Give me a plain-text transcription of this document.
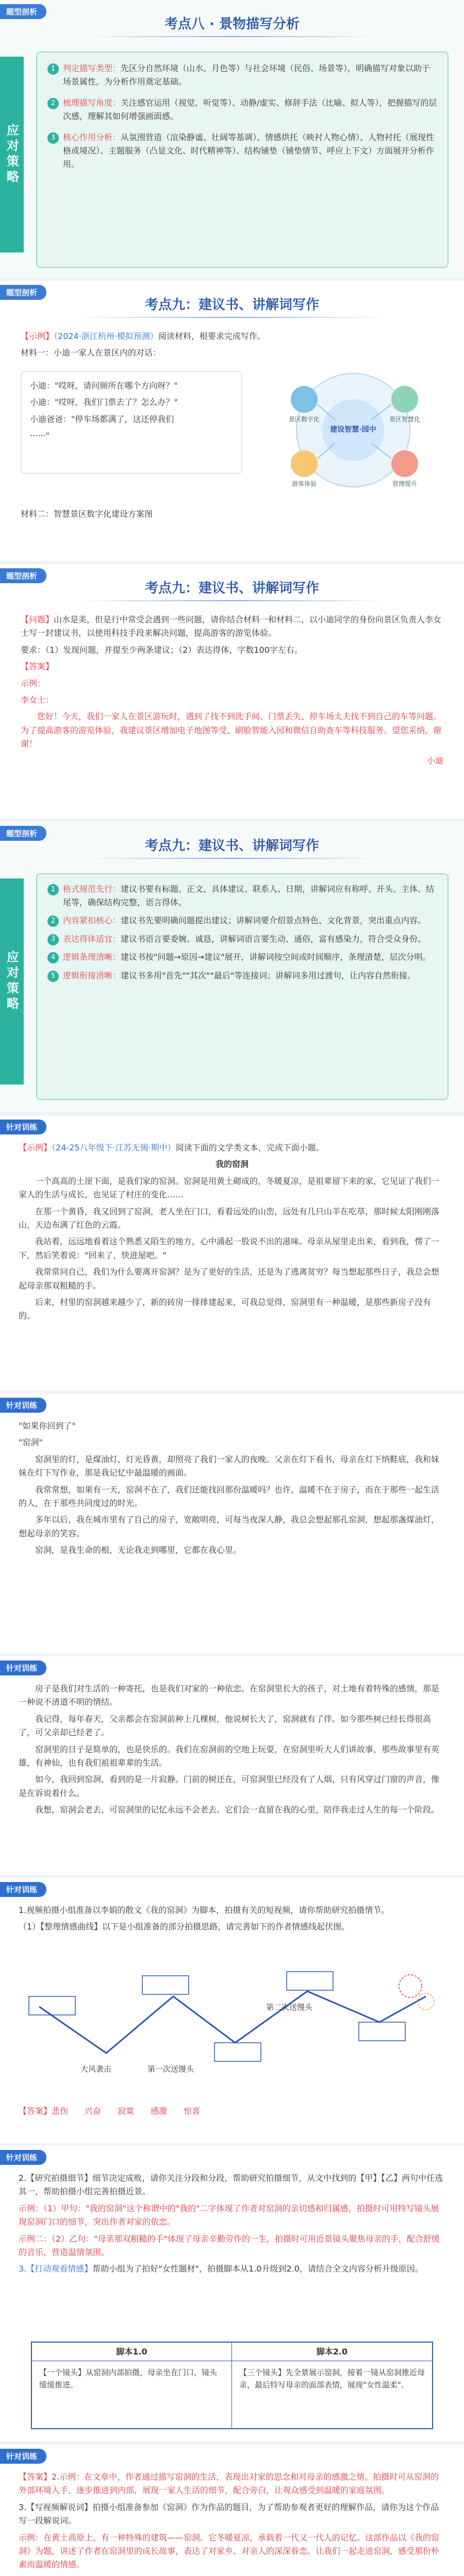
题型剖析
考点八 · 景物描写分析
应对策略
1 判定描写类型：先区分自然环境（山水、月色等）与社会环境（民俗、场景等），明确描写对象以助于场景属性，为分析作用奠定基础。
2 梳理描写角度：关注感官运用（视觉、听觉等）、动静/虚实、修辞手法（比喻、拟人等），把握描写的层次感，理解其如何增强画面感。
3 核心作用分析：从氛围营造（渲染静谧、壮阔等基调）、情感烘托（映衬人物心情）、人物衬托（展现性格或境况）、主题服务（凸显文化、时代精神等）、结构铺垫（铺垫情节、呼应上下文）方面展开分析作用。
题型剖析
考点九：建议书、讲解词写作

【示例】（2024·浙江杭州·模拟预测）阅读材料，根要求完成写作。

材料一：小迪一家人在景区内的对话：

小迪："哎呀，请问厕所在哪个方向呀？"

小迪："哎呀，我们门票去了？怎么办？"

小迪爸爸："停车场都满了，这还停我们

······"

建设智慧·园中
景区数字化	景区智慧化
游客体验	管理提升

材料二：智慧景区数字化建设方案图

题型剖析
考点九：建议书、讲解词写作

【问题】山水是美，但是行中常受会遇到一些问题，请你结合材料一和材料二，以小迪同学的身份向景区负责人李女士写一封建议书，以使用科技手段来解决问题，提高游客的游览体验。

要求：（1）发现问题，并提至少两条建议；（2）表达得体，字数100字左右。

【答案】

示例：

李女士：

您好！今天，我们一家人在景区游玩时，遇到了找不到洗手间、门票丢失、停车场太夫找不到自己的车等问题。为了提高游客的游览体验，我建议景区增加电子地图等受、刷脸智能入园和微信自助查车等科技服务。望您采纳，谢谢！

小迪

题型剖析
考点九：建议书、讲解词写作
应对策略
1 格式规范先行：建议书要有标题、正文、具体建议、联系人、日期，讲解词应有称呼、开头、主体、结尾等，确保结构完整，语言得体。
2 内容紧扣核心：建议书先要明确问题提出建议；讲解词要介绍景点特色、文化背景，突出重点内容。
3 表达得体适宜：建议书语言要委婉、诚恳，讲解词语言要生动、通俗，富有感染力，符合受众身份。
4 逻辑条理清晰：建议书按"问题→原因→建议"展开，讲解词按空间或时间顺序，条理清楚，层次分明。
5 逻辑衔接清晰：建议书多用"首先""其次""最后"等连接词；讲解词多用过渡句，让内容自然衔接。
针对训练

【示例】（24-25八年级下·江苏无锡·期中）阅读下面的文学类文本，完成下面小题。

我的窑洞

一个高高的土崖下面，是我们家的窑洞。窑洞是用黄土砌成的，冬暖夏凉，是祖辈留下来的家，它见证了我们一家人的生活与成长，也见证了村庄的变化……

在那一个黄昏，我又回到了窑洞，老人坐在门口，看着远处的山峦，远处有几只山羊在吃草，那时候太阳刚刚落山，天边布满了红色的云霞。

我站着，远远地看着这个熟悉又陌生的地方，心中涌起一股说不出的滋味。母亲从屋里走出来，看到我，愣了一下，然后笑着说："回来了，快进屋吧。"

我常常问自己，我们为什么要离开窑洞？是为了更好的生活，还是为了逃离贫穷？每当想起那些日子，我总会想起母亲那双粗糙的手。

后来，村里的窑洞越来越少了，新的砖房一排排建起来，可我总觉得，窑洞里有一种温暖，是那些新房子没有的。

针对训练

"如果你回到了"

"窑洞"

窑洞里的灯，是煤油灯，灯光昏黄，却照亮了我们一家人的夜晚。父亲在灯下看书，母亲在灯下纳鞋底，我和妹妹在灯下写作业，那是我记忆中最温暖的画面。

我常常想，如果有一天，窑洞不在了，我们还能找回那份温暖吗？也许，温暖不在于房子，而在于那些一起生活的人，在于那些共同度过的时光。

多年以后，我在城市里有了自己的房子，宽敞明亮，可每当夜深人静，我总会想起那孔窑洞，想起那盏煤油灯，想起母亲的笑容。

窑洞，是我生命的根，无论我走到哪里，它都在我心里。

针对训练

房子是我们对生活的一种寄托，也是我们对家的一种依恋。在窑洞里长大的孩子，对土地有着特殊的感情，那是一种说不清道不明的情结。

我记得，每年春天，父亲都会在窑洞前种上几棵树，他说树长大了，窑洞就有了伴。如今那些树已经长得很高了，可父亲却已经老了。

窑洞里的日子是简单的，也是快乐的。我们在窑洞前的空地上玩耍，在窑洞里听大人们讲故事，那些故事里有英雄，有神仙，也有我们祖祖辈辈的生活。

如今，我回到窑洞，看到的是一片寂静。门前的树还在，可窑洞里已经没有了人烟，只有风穿过门窗的声音，像是在诉说着什么。

我想，窑洞会老去，可窑洞里的记忆永远不会老去。它们会一直留在我的心里，陪伴我走过人生的每一个阶段。

针对训练

1.视频拍摄小组准备以李娟的散文《我的窑洞》为脚本，拍摄有关的短视频，请你帮助研究拍摄情节。

（1）【整理情感曲线】以下是小组准备的部分拍摄思路，请完善如下的作者情感线起伏图。

大风袭击	第一次送馒头
第二次送馒头

【答案】悲伤　　兴奋　　寂寞　　感激　　惊喜

针对训练

2.【研究拍摄细节】细节决定成败，请你关注分段和分段，帮助研究拍摄细节，从文中找到的【甲】【乙】两句中任选其一，帮助拍摄小组完善拍摄近景。

示例：（1）甲句："我的窑洞"这个称谓中的"我的"二字体现了作者对窑洞的亲切感和归属感，拍摄时可用特写镜头展现窑洞门口的细节，突出作者对家的依恋。

示例二：（2）乙句："母亲那双粗糙的手"体现了母亲辛勤劳作的一生，拍摄时可用近景镜头聚焦母亲的手，配合舒缓的音乐，营造温情氛围。

3.【打动观看情感】帮助小组为了拍好"女性题材"，拍摄脚本从1.0升级到2.0，请结合全文内容分析升级原因。

脚本1.0	脚本2.0
【一个镜头】从窑洞内部拍摄，母亲坐在门口，镜头缓缓推进。
【三个镜头】先全景展示窑洞，接着一镜从窑洞推近母亲，最后特写母亲的面部表情，展现"女性温柔"。
针对训练

【答案】2.示例：在文章中，作者通过描写窑洞的生活，表现出对家的思念和对母亲的感激之情。拍摄时可从窑洞的外部环境入手，逐步推进到内部，展现一家人生活的细节，配合旁白，让观众感受到温暖的家庭氛围。

3.【写视频解说词】拍摄小组准备参加《窑洞》作为作品的题目，为了帮助参观者更好的理解作品，请你为这个作品写一段解说词。

示例：在黄土高原上，有一种特殊的建筑——窑洞。它冬暖夏凉，承载着一代又一代人的记忆。这部作品以《我的窑洞》为题，讲述了作者在窑洞里的成长故事，表达了对家乡、对亲人的深深眷恋。让我们一起走进窑洞，感受那份朴素而温暖的情感。
